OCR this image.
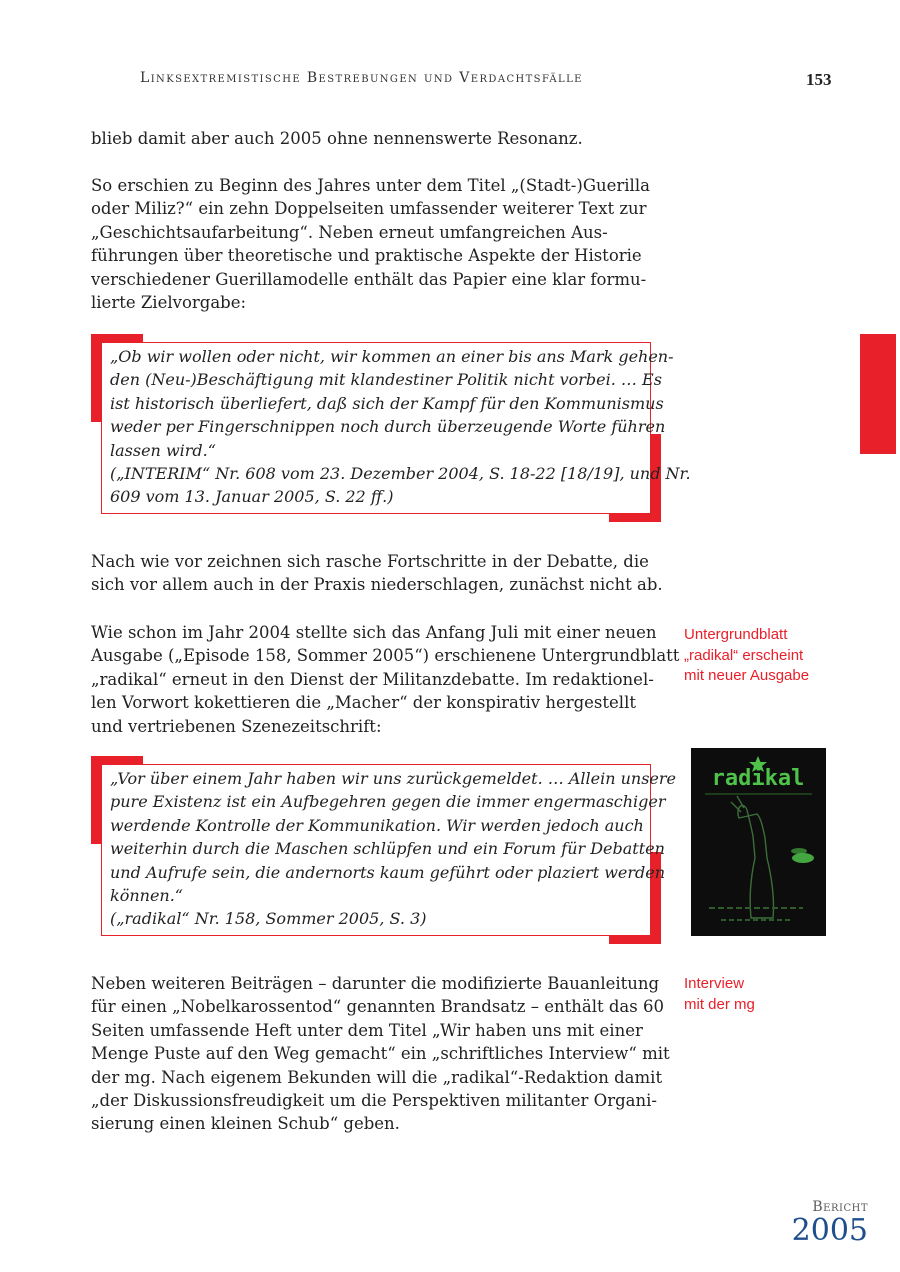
Linksextremistische Bestrebungen und Verdachtsfälle	153

blieb damit aber auch 2005 ohne nennenswerte Resonanz.

So erschien zu Beginn des Jahres unter dem Titel „(Stadt-)Guerilla
oder Miliz?“ ein zehn Doppelseiten umfassender weiterer Text zur
„Geschichtsaufarbeitung“. Neben erneut umfangreichen Aus-
führungen über theoretische und praktische Aspekte der Historie
verschiedener Guerillamodelle enthält das Papier eine klar formu-
lierte Zielvorgabe:

„Ob wir wollen oder nicht, wir kommen an einer bis ans Mark gehen-
den (Neu-)Beschäftigung mit klandestiner Politik nicht vorbei. … Es
ist historisch überliefert, daß sich der Kampf für den Kommunismus
weder per Fingerschnippen noch durch überzeugende Worte führen
lassen wird.“
(„INTERIM“ Nr. 608 vom 23. Dezember 2004, S. 18-22 [18/19], und Nr.
609 vom 13. Januar 2005, S. 22 ff.)

Nach wie vor zeichnen sich rasche Fortschritte in der Debatte, die
sich vor allem auch in der Praxis niederschlagen, zunächst nicht ab.

Wie schon im Jahr 2004 stellte sich das Anfang Juli mit einer neuen
Ausgabe („Episode 158, Sommer 2005“) erschienene Untergrundblatt
„radikal“ erneut in den Dienst der Militanzdebatte. Im redaktionel-
len Vorwort kokettieren die „Macher“ der konspirativ hergestellt
und vertriebenen Szenezeitschrift:

Untergrundblatt
„radikal“ erscheint
mit neuer Ausgabe
„Vor über einem Jahr haben wir uns zurückgemeldet. … Allein unsere
pure Existenz ist ein Aufbegehren gegen die immer engermaschiger
werdende Kontrolle der Kommunikation. Wir werden jedoch auch
weiterhin durch die Maschen schlüpfen und ein Forum für Debatten
und Aufrufe sein, die andernorts kaum geführt oder plaziert werden
können.“
(„radikal“ Nr. 158, Sommer 2005, S. 3)
radikal

Neben weiteren Beiträgen – darunter die modifizierte Bauanleitung
für einen „Nobelkarossentod“ genannten Brandsatz – enthält das 60
Seiten umfassende Heft unter dem Titel „Wir haben uns mit einer
Menge Puste auf den Weg gemacht“ ein „schriftliches Interview“ mit
der mg. Nach eigenem Bekunden will die „radikal“-Redaktion damit
„der Diskussionsfreudigkeit um die Perspektiven militanter Organi-
sierung einen kleinen Schub“ geben.

Interview
mit der mg
Bericht
2005
